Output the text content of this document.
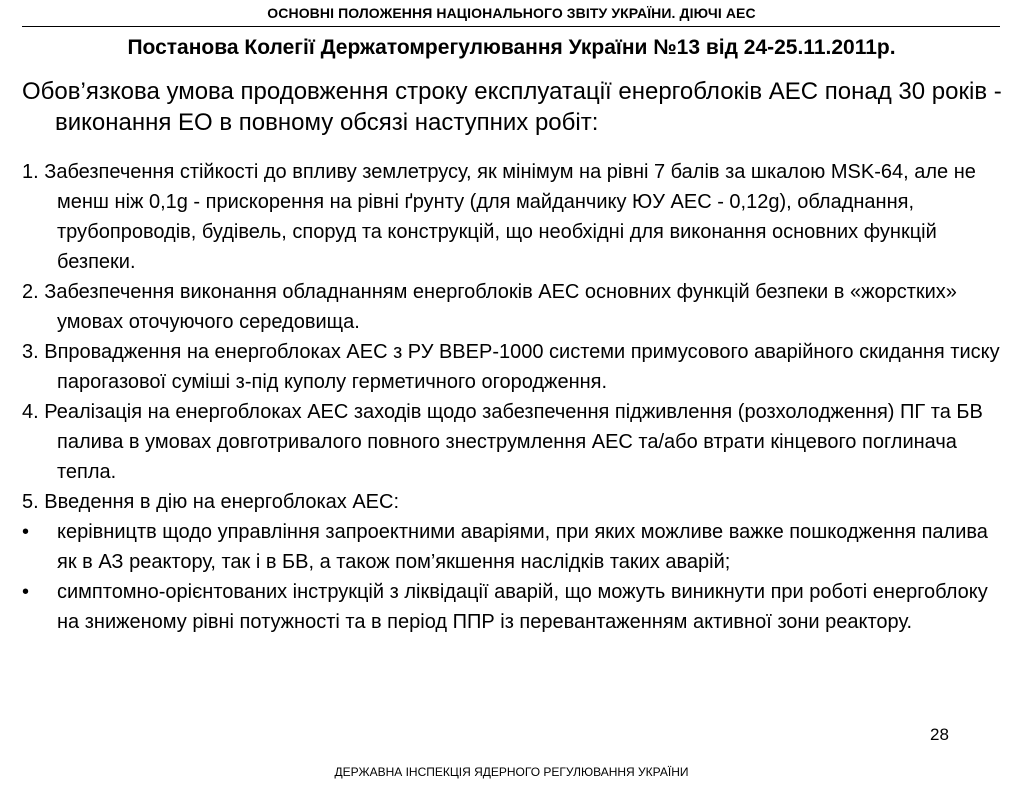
ОСНОВНІ ПОЛОЖЕННЯ НАЦІОНАЛЬНОГО ЗВІТУ УКРАЇНИ. ДІЮЧІ АЕС
Постанова Колегії Держатомрегулювання України №13 від 24-25.11.2011р.
Обов’язкова умова продовження строку експлуатації енергоблоків АЕС понад 30 років - виконання ЕО в повному обсязі наступних робіт:
1. Забезпечення стійкості до впливу землетрусу, як мінімум на рівні 7 балів за шкалою MSK-64, але не менш ніж 0,1g - прискорення на рівні ґрунту (для майданчику ЮУ АЕС - 0,12g), обладнання, трубопроводів, будівель, споруд та конструкцій, що необхідні для виконання основних функцій безпеки.
2. Забезпечення виконання обладнанням енергоблоків АЕС основних функцій безпеки в «жорстких» умовах оточуючого середовища.
3. Впровадження на енергоблоках АЕС з РУ ВВЕР-1000 системи примусового аварійного скидання тиску парогазової суміші з-під куполу герметичного огородження.
4. Реалізація на енергоблоках АЕС заходів щодо забезпечення підживлення (розхолодження) ПГ та БВ палива в умовах довготривалого повного знеструмлення АЕС та/або втрати кінцевого поглинача тепла.
5. Введення в дію на енергоблоках АЕС:
•	керівництв щодо управління запроектними аваріями, при яких можливе важке пошкодження палива як в АЗ реактору, так і в БВ, а також пом’якшення наслідків таких аварій;
•	симптомно-орієнтованих інструкцій з ліквідації аварій, що можуть виникнути при роботі енергоблоку на зниженому рівні потужності та в період ППР із перевантаженням активної зони реактору.
28
ДЕРЖАВНА ІНСПЕКЦІЯ ЯДЕРНОГО РЕГУЛЮВАННЯ УКРАЇНИ
